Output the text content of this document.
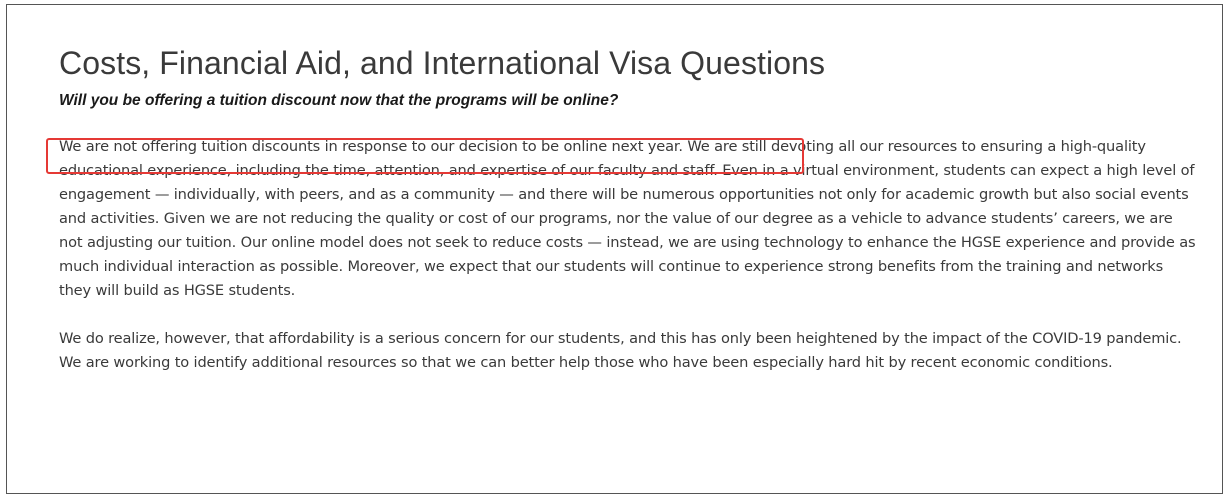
Costs, Financial Aid, and International Visa Questions

Will you be offering a tuition discount now that the programs will be online?

We are not offering tuition discounts in response to our decision to be online next year. We are still devoting all our resources to ensuring a high-quality educational experience, including the time, attention, and expertise of our faculty and staff. Even in a virtual environment, students can expect a high level of engagement — individually, with peers, and as a community — and there will be numerous opportunities not only for academic growth but also social events and activities. Given we are not reducing the quality or cost of our programs, nor the value of our degree as a vehicle to advance students’ careers, we are not adjusting our tuition. Our online model does not seek to reduce costs — instead, we are using technology to enhance the HGSE experience and provide as much individual interaction as possible. Moreover, we expect that our students will continue to experience strong benefits from the training and networks they will build as HGSE students.

We do realize, however, that affordability is a serious concern for our students, and this has only been heightened by the impact of the COVID-19 pandemic. We are working to identify additional resources so that we can better help those who have been especially hard hit by recent economic conditions.
